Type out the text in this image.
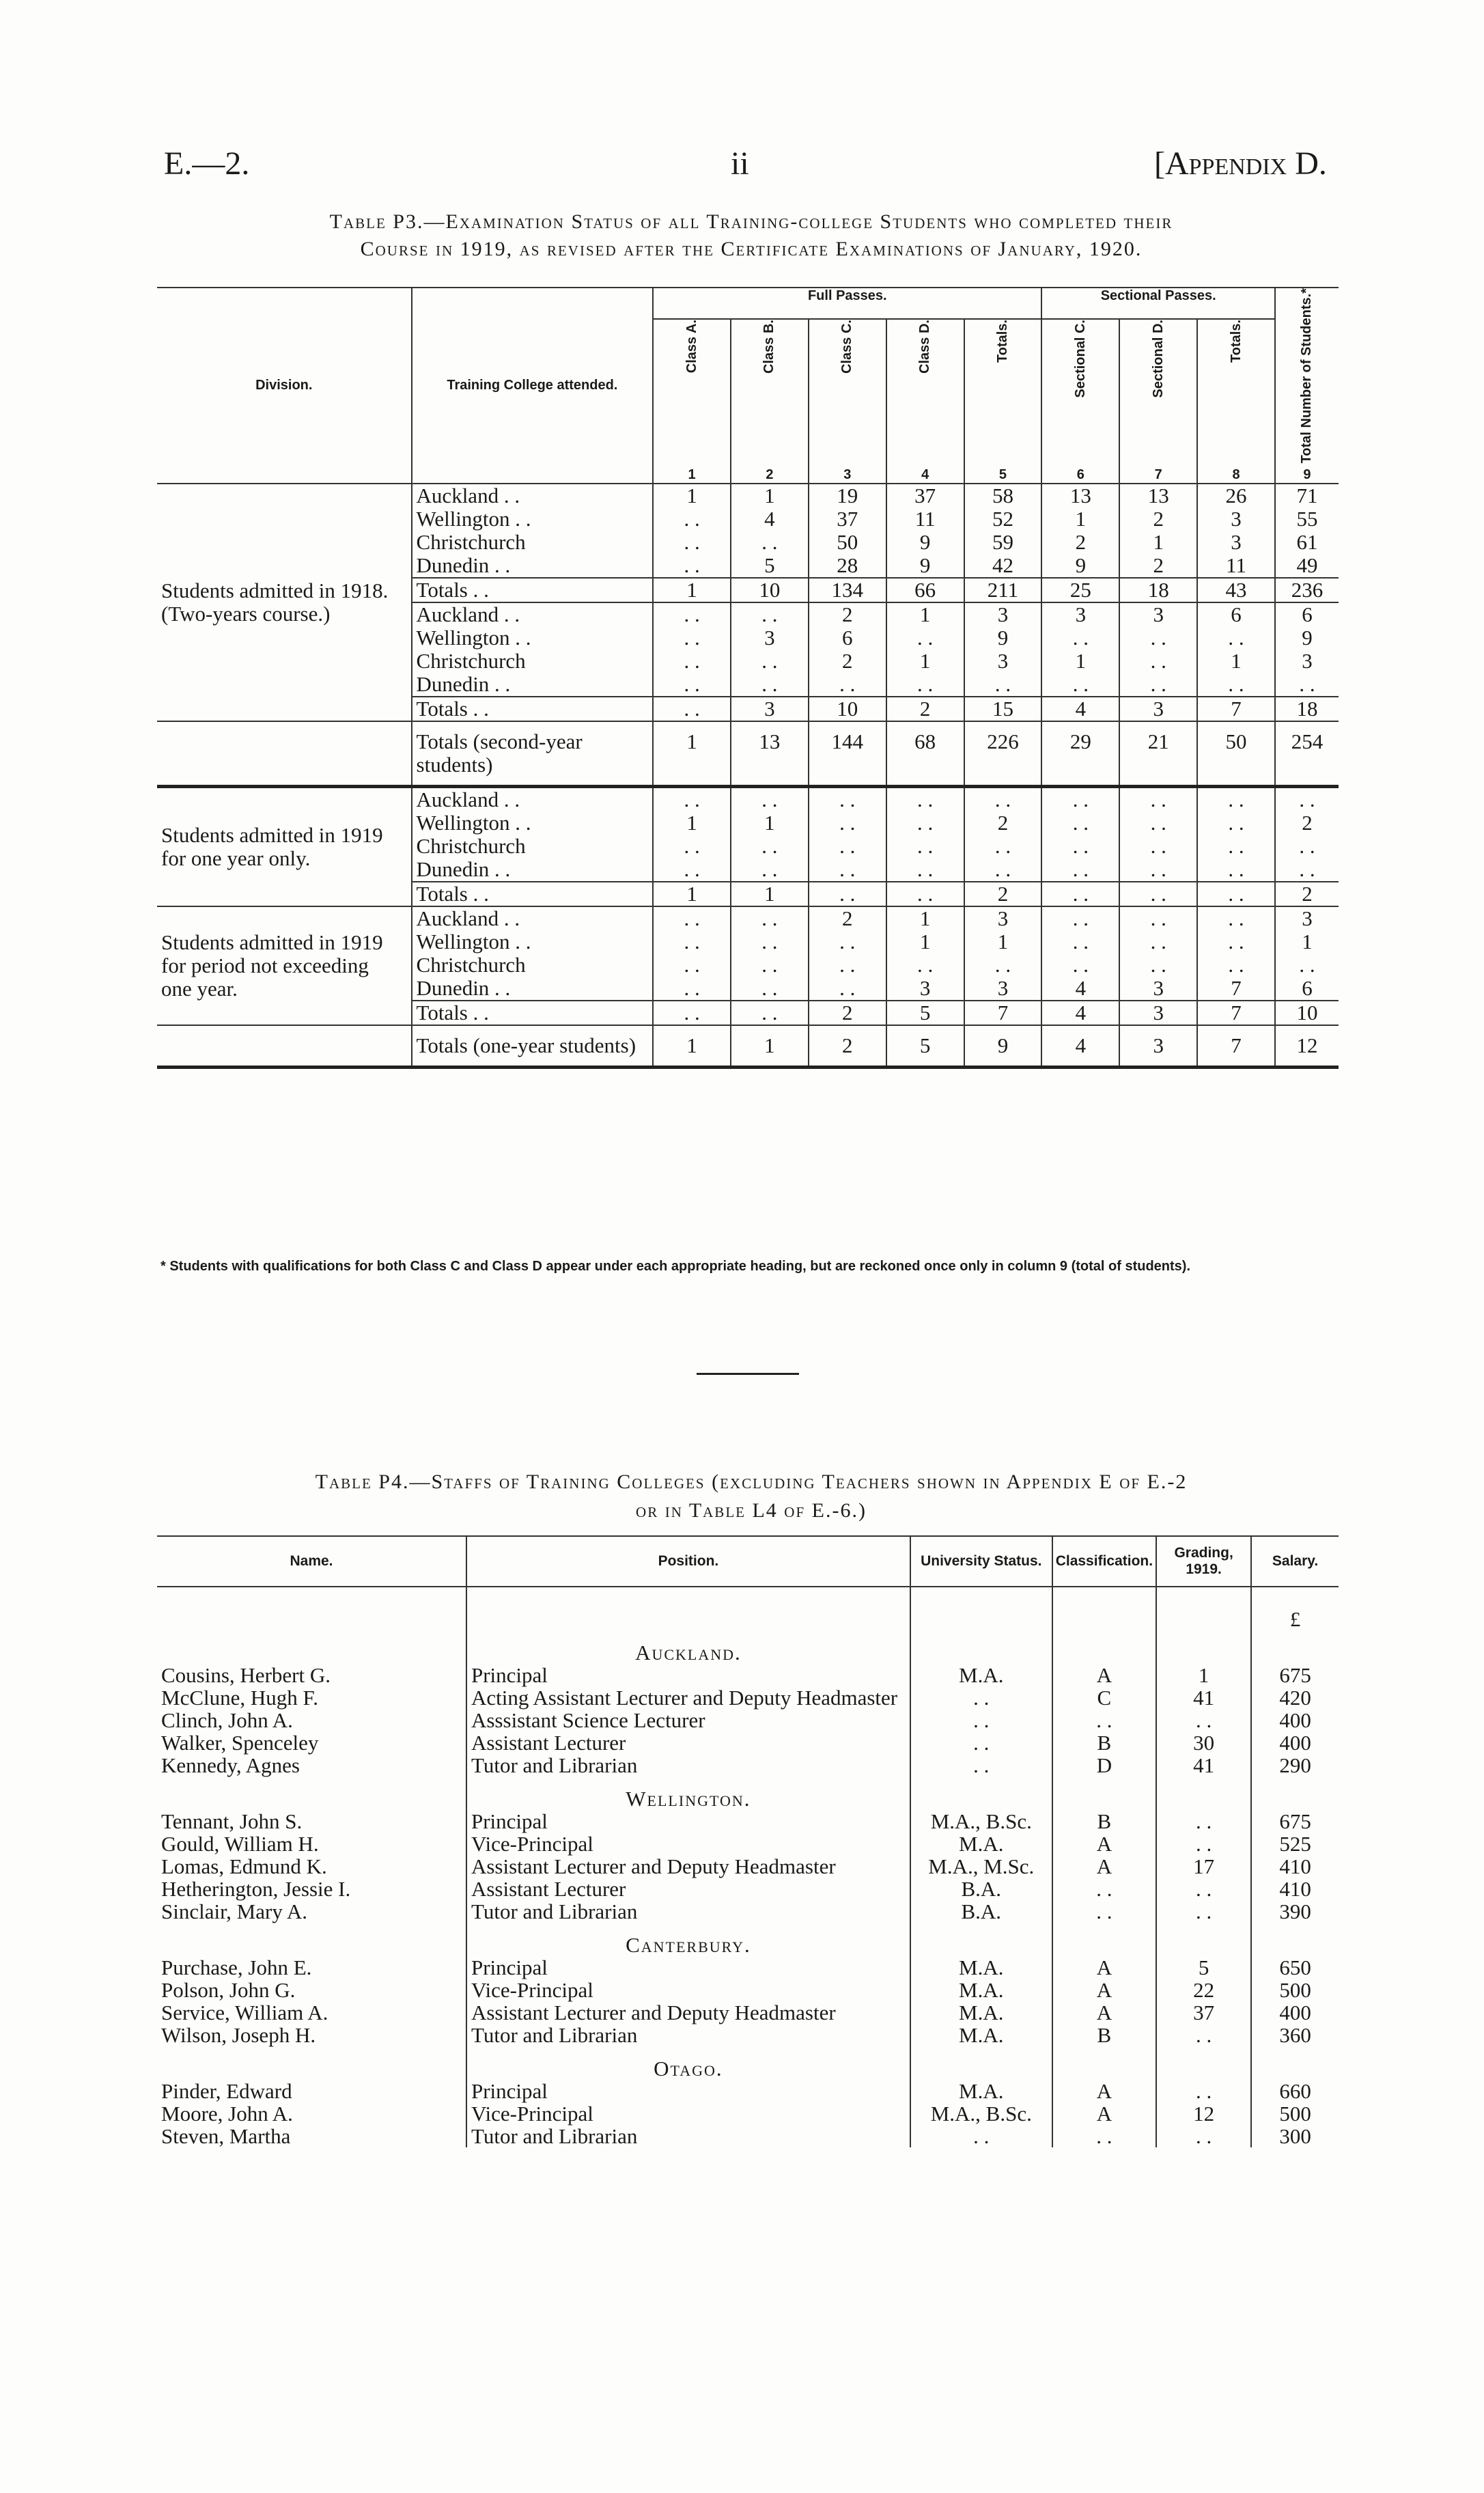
E.—2.	ii	[Appendix D.
Table P3.—Examination Status of all Training-college Students who completed their
Course in 1919, as revised after the Certificate Examinations of January, 1920.
Division.	Training College attended.	Full Passes.					Sectional Passes.			Total Number of Students.*
		Class A.	Class B.	Class C.	Class D.	Totals.	Sectional C.	Sectional D.	Totals.	
		1	2	3	4	5	6	7	8	9
Students admitted in 1918. (Two-years course.)	Auckland . .	1	1	19	37	58	13	13	26	71
	Wellington . .	. .	4	37	11	52	1	2	3	55
	Christchurch	. .	. .	50	9	59	2	1	3	61
	Dunedin . .	. .	5	28	9	42	9	2	11	49
	Totals . .	1	10	134	66	211	25	18	43	236
	Auckland . .	. .	. .	2	1	3	3	3	6	6
	Wellington . .	. .	3	6	. .	9	. .	. .	. .	9
	Christchurch	. .	. .	2	1	3	1	. .	1	3
	Dunedin . .	. .	. .	. .	. .	. .	. .	. .	. .	. .
	Totals . .	. .	3	10	2	15	4	3	7	18
	Totals (second-year students)	1	13	144	68	226	29	21	50	254
Students admitted in 1919 for one year only.	Auckland . .	. .	. .	. .	. .	. .	. .	. .	. .	. .
	Wellington . .	1	1	. .	. .	2	. .	. .	. .	2
	Christchurch	. .	. .	. .	. .	. .	. .	. .	. .	. .
	Dunedin . .	. .	. .	. .	. .	. .	. .	. .	. .	. .
	Totals . .	1	1	. .	. .	2	. .	. .	. .	2
Students admitted in 1919 for period not exceeding one year.	Auckland . .	. .	. .	2	1	3	. .	. .	. .	3
	Wellington . .	. .	. .	. .	1	1	. .	. .	. .	1
	Christchurch	. .	. .	. .	. .	. .	. .	. .	. .	. .
	Dunedin . .	. .	. .	. .	3	3	4	3	7	6
	Totals . .	. .	. .	2	5	7	4	3	7	10
	Totals (one-year students)	1	1	2	5	9	4	3	7	12
* Students with qualifications for both Class C and Class D appear under each appropriate heading, but are reckoned once only in column 9 (total of students).
Table P4.—Staffs of Training Colleges (excluding Teachers shown in Appendix E of E.-2
or in Table L4 of E.-6.)
Name.	Position.	University Status.	Classification.	Grading, 1919.	Salary.
					£
	Auckland.				
Cousins, Herbert G.	Principal	M.A.	A	1	675
McClune, Hugh F.	Acting Assistant Lecturer and Deputy Headmaster	. .	C	41	420
Clinch, John A.	Asssistant Science Lecturer	. .	. .	. .	400
Walker, Spenceley	Assistant Lecturer	. .	B	30	400
Kennedy, Agnes	Tutor and Librarian	. .	D	41	290
	Wellington.				
Tennant, John S.	Principal	M.A., B.Sc.	B	. .	675
Gould, William H.	Vice-Principal	M.A.	A	. .	525
Lomas, Edmund K.	Assistant Lecturer and Deputy Headmaster	M.A., M.Sc.	A	17	410
Hetherington, Jessie I.	Assistant Lecturer	B.A.	. .	. .	410
Sinclair, Mary A.	Tutor and Librarian	B.A.	. .	. .	390
	Canterbury.				
Purchase, John E.	Principal	M.A.	A	5	650
Polson, John G.	Vice-Principal	M.A.	A	22	500
Service, William A.	Assistant Lecturer and Deputy Headmaster	M.A.	A	37	400
Wilson, Joseph H.	Tutor and Librarian	M.A.	B	. .	360
	Otago.				
Pinder, Edward	Principal	M.A.	A	. .	660
Moore, John A.	Vice-Principal	M.A., B.Sc.	A	12	500
Steven, Martha	Tutor and Librarian	. .	. .	. .	300
